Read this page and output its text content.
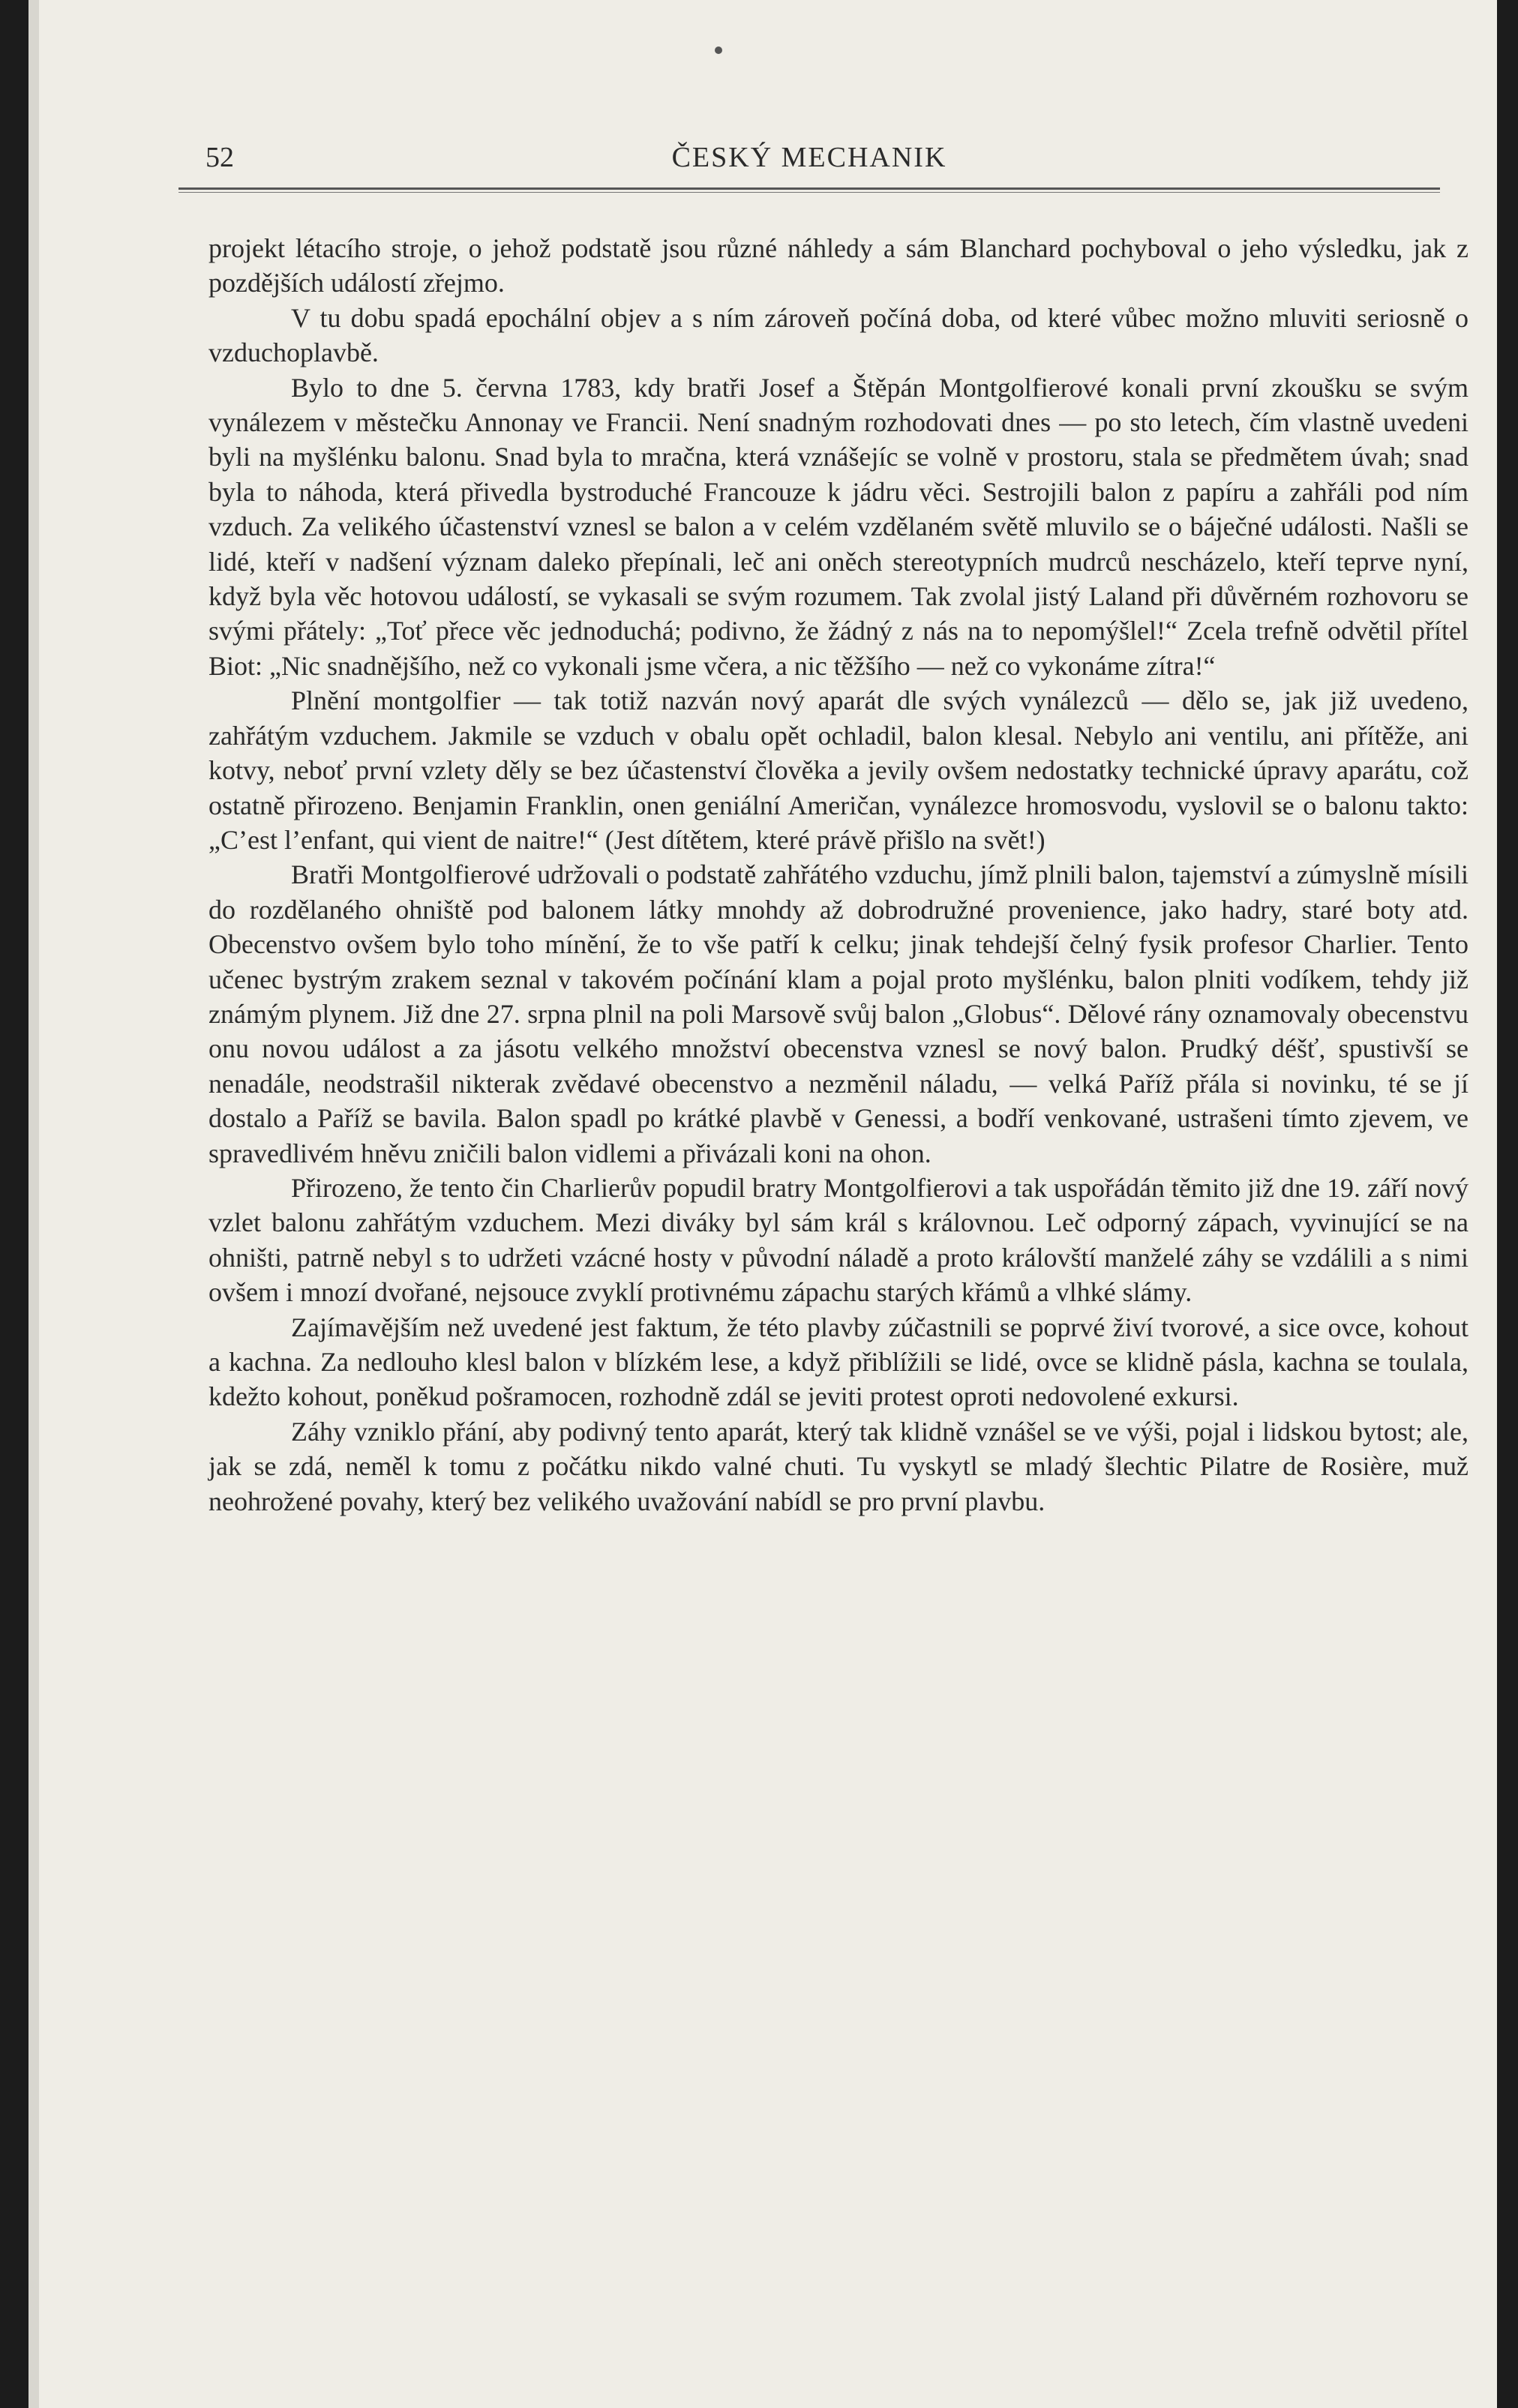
52	ČESKÝ MECHANIK

projekt létacího stroje, o jehož podstatě jsou různé náhledy a sám Blanchard pochyboval o jeho výsledku, jak z pozdějších událostí zřejmo.

V tu dobu spadá epochální objev a s ním zároveň počíná doba, od které vůbec možno mluviti seriosně o vzduchoplavbě.

Bylo to dne 5. června 1783, kdy bratři Josef a Štěpán Montgolfierové konali první zkoušku se svým vynálezem v městečku Annonay ve Francii. Není snadným rozhodovati dnes — po sto letech, čím vlastně uvedeni byli na myšlénku balonu. Snad byla to mračna, která vznášejíc se volně v prostoru, stala se předmětem úvah; snad byla to náhoda, která přivedla bystroduché Francouze k jádru věci. Sestrojili balon z papíru a zahřáli pod ním vzduch. Za velikého účastenství vznesl se balon a v celém vzdělaném světě mluvilo se o báječné události. Našli se lidé, kteří v nadšení význam daleko přepínali, leč ani oněch stereotypních mudrců nescházelo, kteří teprve nyní, když byla věc hotovou událostí, se vykasali se svým rozumem. Tak zvolal jistý Laland při důvěrném rozhovoru se svými přátely: „Toť přece věc jednoduchá; podivno, že žádný z nás na to nepomýšlel!“ Zcela trefně odvětil přítel Biot: „Nic snadnějšího, než co vykonali jsme včera, a nic těžšího — než co vykonáme zítra!“

Plnění montgolfier — tak totiž nazván nový aparát dle svých vynálezců — dělo se, jak již uvedeno, zahřátým vzduchem. Jakmile se vzduch v obalu opět ochladil, balon klesal. Nebylo ani ventilu, ani přítěže, ani kotvy, neboť první vzlety děly se bez účastenství člověka a jevily ovšem nedostatky technické úpravy aparátu, což ostatně přirozeno. Benjamin Franklin, onen geniální Američan, vynálezce hromosvodu, vyslovil se o balonu takto: „C’est l’enfant, qui vient de naitre!“ (Jest dítětem, které právě přišlo na svět!)

Bratři Montgolfierové udržovali o podstatě zahřátého vzduchu, jímž plnili balon, tajemství a zúmyslně mísili do rozdělaného ohniště pod balonem látky mnohdy až dobrodružné provenience, jako hadry, staré boty atd. Obecenstvo ovšem bylo toho mínění, že to vše patří k celku; jinak tehdejší čelný fysik profesor Charlier. Tento učenec bystrým zrakem seznal v takovém počínání klam a pojal proto myšlénku, balon plniti vodíkem, tehdy již známým plynem. Již dne 27. srpna plnil na poli Marsově svůj balon „Globus“. Dělové rány oznamovaly obecenstvu onu novou událost a za jásotu velkého množství obecenstva vznesl se nový balon. Prudký déšť, spustivší se nenadále, neodstrašil nikterak zvědavé obecenstvo a nezměnil náladu, — velká Paříž přála si novinku, té se jí dostalo a Paříž se bavila. Balon spadl po krátké plavbě v Genessi, a bodří venkované, ustrašeni tímto zjevem, ve spravedlivém hněvu zničili balon vidlemi a přivázali koni na ohon.

Přirozeno, že tento čin Charlierův popudil bratry Montgolfierovi a tak uspořádán těmito již dne 19. září nový vzlet balonu zahřátým vzduchem. Mezi diváky byl sám král s královnou. Leč odporný zápach, vyvinující se na ohništi, patrně nebyl s to udržeti vzácné hosty v původní náladě a proto královští manželé záhy se vzdálili a s nimi ovšem i mnozí dvořané, nejsouce zvyklí protivnému zápachu starých křámů a vlhké slámy.

Zajímavějším než uvedené jest faktum, že této plavby zúčastnili se poprvé živí tvorové, a sice ovce, kohout a kachna. Za nedlouho klesl balon v blízkém lese, a když přiblížili se lidé, ovce se klidně pásla, kachna se toulala, kdežto kohout, poněkud pošramocen, rozhodně zdál se jeviti protest oproti nedovolené exkursi.

Záhy vzniklo přání, aby podivný tento aparát, který tak klidně vznášel se ve výši, pojal i lidskou bytost; ale, jak se zdá, neměl k tomu z počátku nikdo valné chuti. Tu vyskytl se mladý šlechtic Pilatre de Rosière, muž neohrožené povahy, který bez velikého uvažování nabídl se pro první plavbu.
